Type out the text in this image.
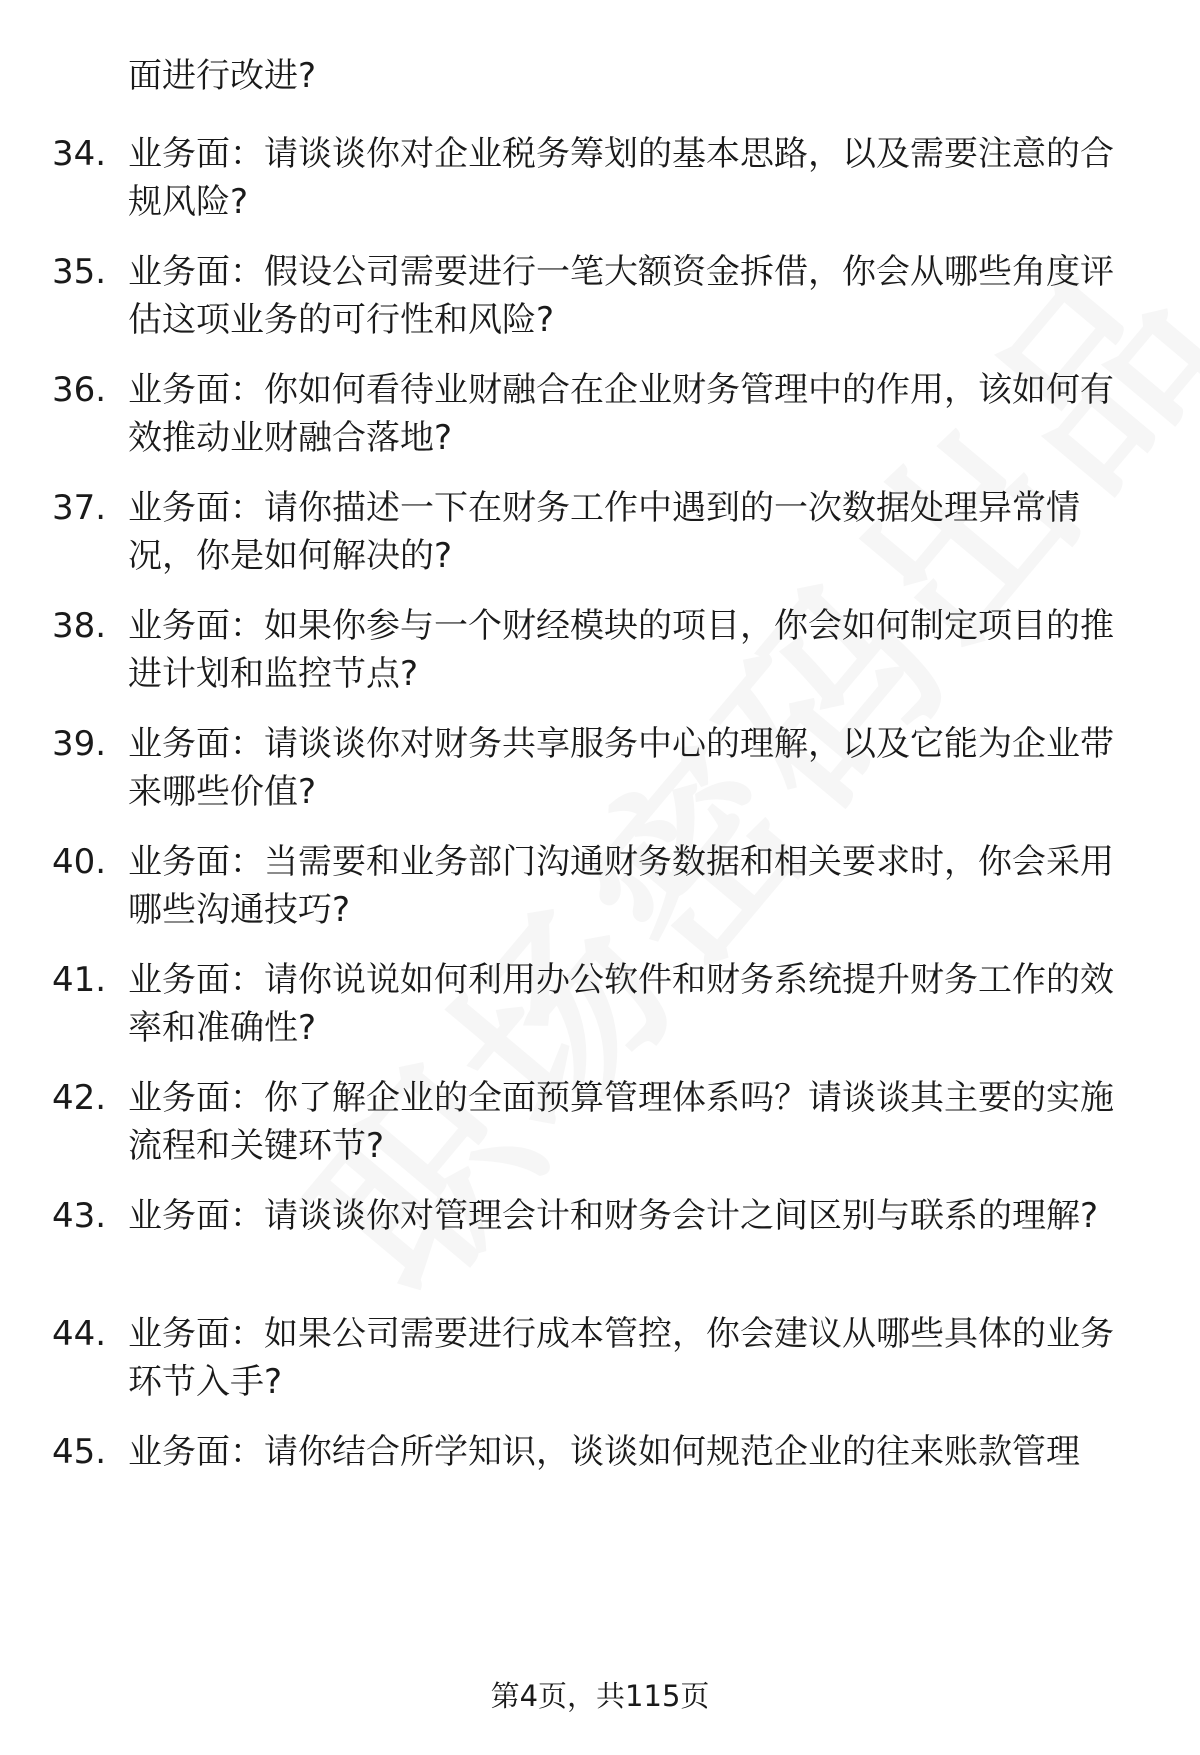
面进行改进?
34. 业务面：请谈谈你对企业税务筹划的基本思路，以及需要注意的合规风险?
35. 业务面：假设公司需要进行一笔大额资金拆借，你会从哪些角度评估这项业务的可行性和风险?
36. 业务面：你如何看待业财融合在企业财务管理中的作用，该如何有效推动业财融合落地?
37. 业务面：请你描述一下在财务工作中遇到的一次数据处理异常情况，你是如何解决的?
38. 业务面：如果你参与一个财经模块的项目，你会如何制定项目的推进计划和监控节点?
39. 业务面：请谈谈你对财务共享服务中心的理解，以及它能为企业带来哪些价值?
40. 业务面：当需要和业务部门沟通财务数据和相关要求时，你会采用哪些沟通技巧?
41. 业务面：请你说说如何利用办公软件和财务系统提升财务工作的效率和准确性?
42. 业务面：你了解企业的全面预算管理体系吗？请谈谈其主要的实施流程和关键环节?
43. 业务面：请谈谈你对管理会计和财务会计之间区别与联系的理解?
44. 业务面：如果公司需要进行成本管控，你会建议从哪些具体的业务环节入手?
45. 业务面：请你结合所学知识，谈谈如何规范企业的往来账款管理
第4页，共115页
